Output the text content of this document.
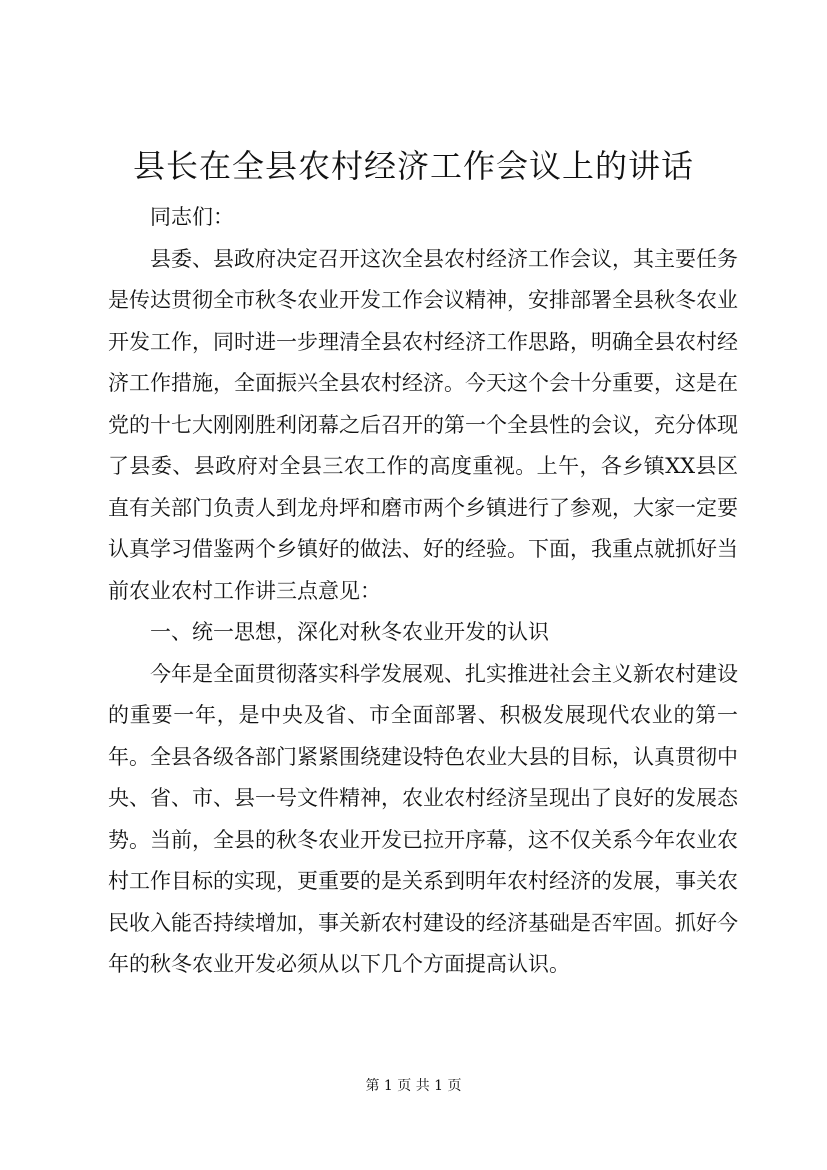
县长在全县农村经济工作会议上的讲话

同志们：

县委、县政府决定召开这次全县农村经济工作会议，其主要任务是传达贯彻全市秋冬农业开发工作会议精神，安排部署全县秋冬农业开发工作，同时进一步理清全县农村经济工作思路，明确全县农村经济工作措施，全面振兴全县农村经济。今天这个会十分重要，这是在党的十七大刚刚胜利闭幕之后召开的第一个全县性的会议，充分体现了县委、县政府对全县三农工作的高度重视。上午，各乡镇XX县区直有关部门负责人到龙舟坪和磨市两个乡镇进行了参观，大家一定要认真学习借鉴两个乡镇好的做法、好的经验。下面，我重点就抓好当前农业农村工作讲三点意见：

一、统一思想，深化对秋冬农业开发的认识

今年是全面贯彻落实科学发展观、扎实推进社会主义新农村建设的重要一年，是中央及省、市全面部署、积极发展现代农业的第一年。全县各级各部门紧紧围绕建设特色农业大县的目标，认真贯彻中央、省、市、县一号文件精神，农业农村经济呈现出了良好的发展态势。当前，全县的秋冬农业开发已拉开序幕，这不仅关系今年农业农村工作目标的实现，更重要的是关系到明年农村经济的发展，事关农民收入能否持续增加，事关新农村建设的经济基础是否牢固。抓好今年的秋冬农业开发必须从以下几个方面提高认识。

第 1 页 共 1 页
